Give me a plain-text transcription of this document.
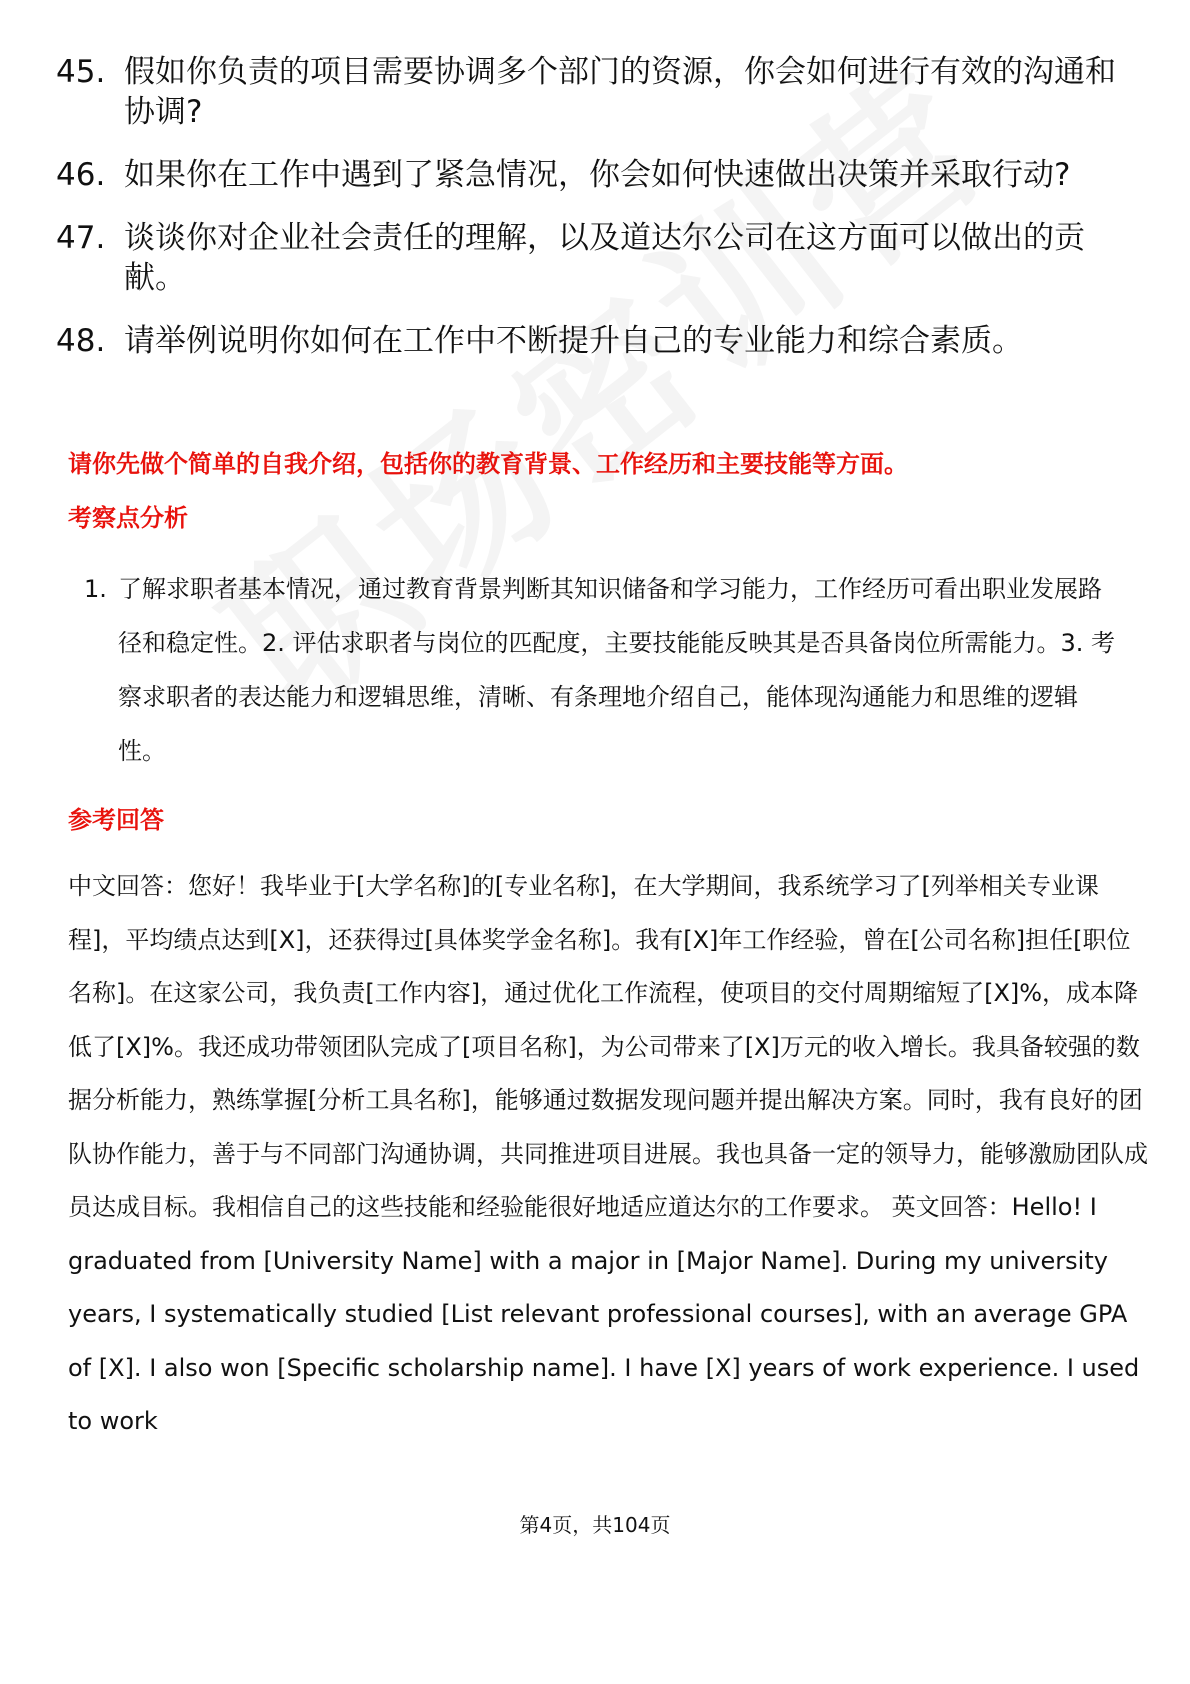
45. 假如你负责的项目需要协调多个部门的资源，你会如何进行有效的沟通和协调?
46. 如果你在工作中遇到了紧急情况，你会如何快速做出决策并采取行动?
47. 谈谈你对企业社会责任的理解，以及道达尔公司在这方面可以做出的贡献。
48. 请举例说明你如何在工作中不断提升自己的专业能力和综合素质。
请你先做个简单的自我介绍，包括你的教育背景、工作经历和主要技能等方面。
考察点分析
1. 了解求职者基本情况，通过教育背景判断其知识储备和学习能力，工作经历可看出职业发展路径和稳定性。2. 评估求职者与岗位的匹配度，主要技能能反映其是否具备岗位所需能力。3. 考察求职者的表达能力和逻辑思维，清晰、有条理地介绍自己，能体现沟通能力和思维的逻辑性。
参考回答

中文回答：您好！我毕业于[大学名称]的[专业名称]，在大学期间，我系统学习了[列举相关专业课程]，平均绩点达到[X]，还获得过[具体奖学金名称]。我有[X]年工作经验，曾在[公司名称]担任[职位名称]。在这家公司，我负责[工作内容]，通过优化工作流程，使项目的交付周期缩短了[X]%，成本降低了[X]%。我还成功带领团队完成了[项目名称]，为公司带来了[X]万元的收入增长。我具备较强的数据分析能力，熟练掌握[分析工具名称]，能够通过数据发现问题并提出解决方案。同时，我有良好的团队协作能力，善于与不同部门沟通协调，共同推进项目进展。我也具备一定的领导力，能够激励团队成员达成目标。我相信自己的这些技能和经验能很好地适应道达尔的工作要求。 英文回答：Hello! I graduated from [University Name] with a major in [Major Name]. During my university years, I systematically studied [List relevant professional courses], with an average GPA of [X]. I also won [Specific scholarship name]. I have [X] years of work experience. I used to work

第4页，共104页
